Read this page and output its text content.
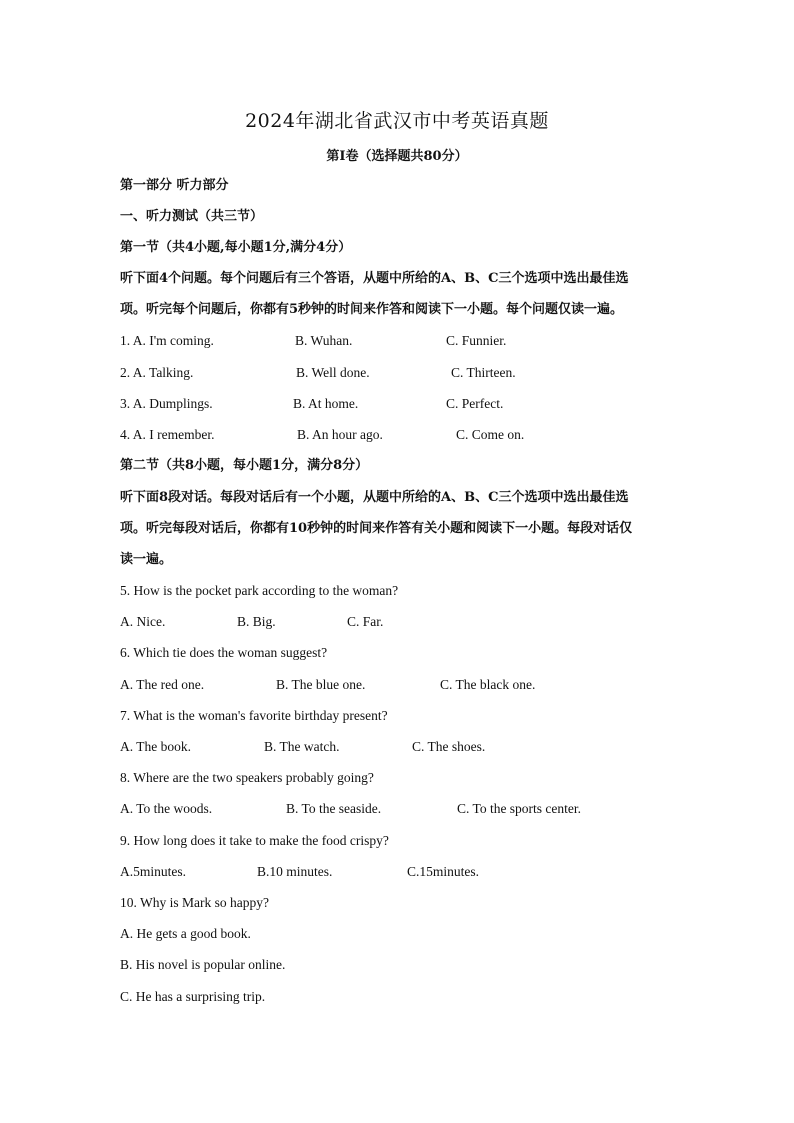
2024年湖北省武汉市中考英语真题
第I卷（选择题共80分）
第一部分 听力部分
一、听力测试（共三节）
第一节（共4小题,每小题1分,满分4分）
听下面4个问题。每个问题后有三个答语，从题中所给的A、B、C三个选项中选出最佳选
项。听完每个问题后，你都有5秒钟的时间来作答和阅读下一小题。每个问题仅读一遍。
1. A. I'm coming.	B. Wuhan.	C. Funnier.
2. A. Talking.	B. Well done.	C. Thirteen.
3. A. Dumplings.	B. At home.	C. Perfect.
4. A. I remember.	B. An hour ago.	C. Come on.
第二节（共8小题，每小题1分，满分8分）
听下面8段对话。每段对话后有一个小题，从题中所给的A、B、C三个选项中选出最佳选
项。听完每段对话后，你都有10秒钟的时间来作答有关小题和阅读下一小题。每段对话仅
读一遍。
5. How is the pocket park according to the woman?
A. Nice.	B. Big.	C. Far.
6. Which tie does the woman suggest?
A. The red one.	B. The blue one.	C. The black one.
7. What is the woman's favorite birthday present?
A. The book.	B. The watch.	C. The shoes.
8. Where are the two speakers probably going?
A. To the woods.	B. To the seaside.	C. To the sports center.
9. How long does it take to make the food crispy?
A.5minutes.	B.10 minutes.	C.15minutes.
10. Why is Mark so happy?
A. He gets a good book.
B. His novel is popular online.
C. He has a surprising trip.
